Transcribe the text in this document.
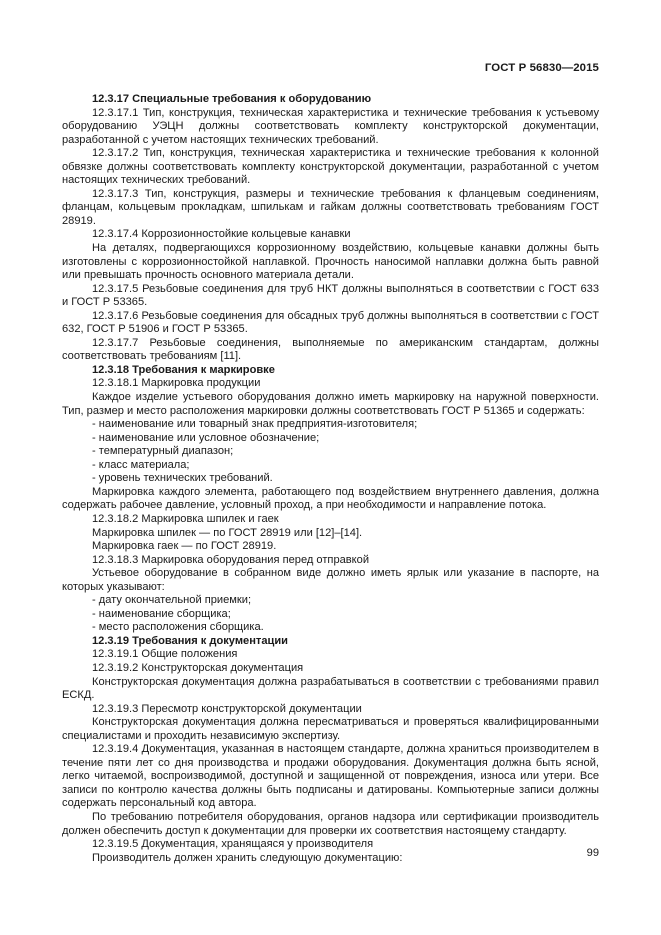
ГОСТ Р 56830—2015

12.3.17 Специальные требования к оборудованию

12.3.17.1 Тип, конструкция, техническая характеристика и технические требования к устьевому оборудованию УЭЦН должны соответствовать комплекту конструкторской документации, разработанной с учетом настоящих технических требований.

12.3.17.2 Тип, конструкция, техническая характеристика и технические требования к колонной обвязке должны соответствовать комплекту конструкторской документации, разработанной с учетом настоящих технических требований.

12.3.17.3 Тип, конструкция, размеры и технические требования к фланцевым соединениям, фланцам, кольцевым прокладкам, шпилькам и гайкам должны соответствовать требованиям ГОСТ 28919.

12.3.17.4 Коррозионностойкие кольцевые канавки

На деталях, подвергающихся коррозионному воздействию, кольцевые канавки должны быть изготовлены с коррозионностойкой наплавкой. Прочность наносимой наплавки должна быть равной или превышать прочность основного материала детали.

12.3.17.5 Резьбовые соединения для труб НКТ должны выполняться в соответствии с ГОСТ 633 и ГОСТ Р 53365.

12.3.17.6 Резьбовые соединения для обсадных труб должны выполняться в соответствии с ГОСТ 632, ГОСТ Р 51906 и ГОСТ Р 53365.

12.3.17.7 Резьбовые соединения, выполняемые по американским стандартам, должны соответствовать требованиям [11].

12.3.18 Требования к маркировке

12.3.18.1 Маркировка продукции

Каждое изделие устьевого оборудования должно иметь маркировку на наружной поверхности. Тип, размер и место расположения маркировки должны соответствовать ГОСТ Р 51365 и содержать:

- наименование или товарный знак предприятия-изготовителя;

- наименование или условное обозначение;

- температурный диапазон;

- класс материала;

- уровень технических требований.

Маркировка каждого элемента, работающего под воздействием внутреннего давления, должна содержать рабочее давление, условный проход, а при необходимости и направление потока.

12.3.18.2 Маркировка шпилек и гаек

Маркировка шпилек — по ГОСТ 28919 или [12]–[14].

Маркировка гаек — по ГОСТ 28919.

12.3.18.3 Маркировка оборудования перед отправкой

Устьевое оборудование в собранном виде должно иметь ярлык или указание в паспорте, на которых указывают:

- дату окончательной приемки;

- наименование сборщика;

- место расположения сборщика.

12.3.19 Требования к документации

12.3.19.1 Общие положения

12.3.19.2 Конструкторская документация

Конструкторская документация должна разрабатываться в соответствии с требованиями правил ЕСКД.

12.3.19.3 Пересмотр конструкторской документации

Конструкторская документация должна пересматриваться и проверяться квалифицированными специалистами и проходить независимую экспертизу.

12.3.19.4 Документация, указанная в настоящем стандарте, должна храниться производителем в течение пяти лет со дня производства и продажи оборудования. Документация должна быть ясной, легко читаемой, воспроизводимой, доступной и защищенной от повреждения, износа или утери. Все записи по контролю качества должны быть подписаны и датированы. Компьютерные записи должны содержать персональный код автора.

По требованию потребителя оборудования, органов надзора или сертификации производитель должен обеспечить доступ к документации для проверки их соответствия настоящему стандарту.

12.3.19.5 Документация, хранящаяся у производителя

Производитель должен хранить следующую документацию:	99
